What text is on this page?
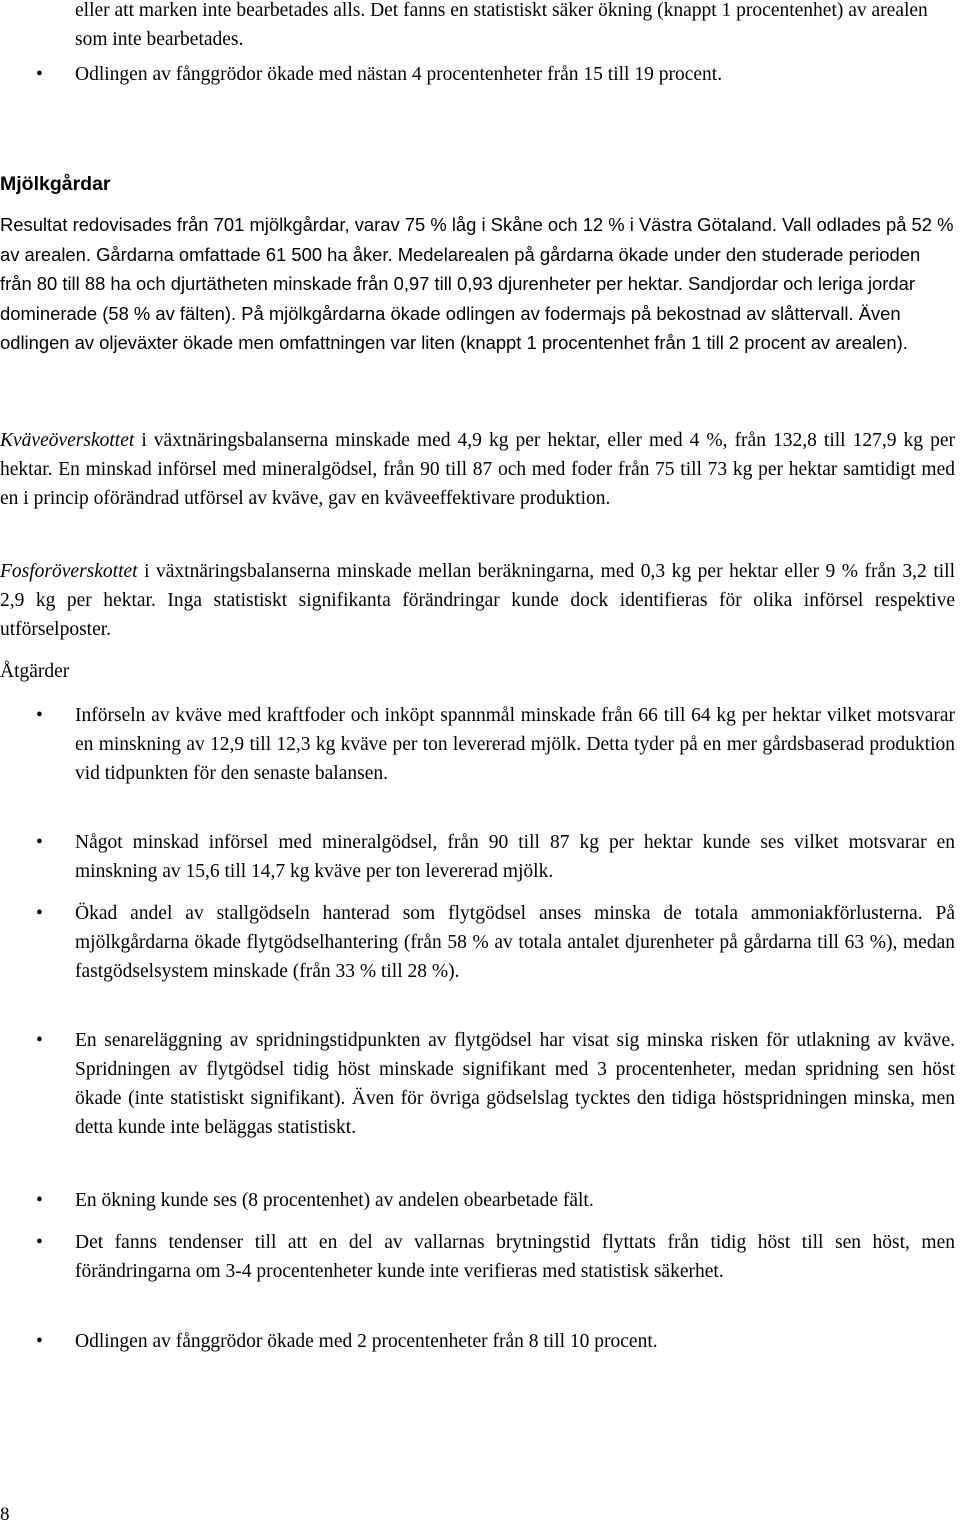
eller att marken inte bearbetades alls. Det fanns en statistiskt säker ökning (knappt 1 procentenhet) av arealen som inte bearbetades.
• Odlingen av fånggrödor ökade med nästan 4 procentenheter från 15 till 19 procent.
Mjölkgårdar
Resultat redovisades från 701 mjölkgårdar, varav 75 % låg i Skåne och 12 % i Västra Götaland. Vall odlades på 52 % av arealen. Gårdarna omfattade 61 500 ha åker. Medelarealen på gårdarna ökade under den studerade perioden från 80 till 88 ha och djurtätheten minskade från 0,97 till 0,93 djurenheter per hektar. Sandjordar och leriga jordar dominerade (58 % av fälten). På mjölkgårdarna ökade odlingen av fodermajs på bekostnad av slåttervall. Även odlingen av oljeväxter ökade men omfattningen var liten (knappt 1 procentenhet från 1 till 2 procent av arealen).
Kväveöverskottet i växtnäringsbalanserna minskade med 4,9 kg per hektar, eller med 4 %, från 132,8 till 127,9 kg per hektar. En minskad införsel med mineralgödsel, från 90 till 87 och med foder från 75 till 73 kg per hektar samtidigt med en i princip oförändrad utförsel av kväve, gav en kväveeffektivare produktion.
Fosforöverskottet i växtnäringsbalanserna minskade mellan beräkningarna, med 0,3 kg per hektar eller 9 % från 3,2 till 2,9 kg per hektar. Inga statistiskt signifikanta förändringar kunde dock identifieras för olika införsel respektive utförselposter.
Åtgärder
• Införseln av kväve med kraftfoder och inköpt spannmål minskade från 66 till 64 kg per hektar vilket motsvarar en minskning av 12,9 till 12,3 kg kväve per ton levererad mjölk. Detta tyder på en mer gårdsbaserad produktion vid tidpunkten för den senaste balansen.
• Något minskad införsel med mineralgödsel, från 90 till 87 kg per hektar kunde ses vilket motsvarar en minskning av 15,6 till 14,7 kg kväve per ton levererad mjölk.
• Ökad andel av stallgödseln hanterad som flytgödsel anses minska de totala ammoniakförlusterna. På mjölkgårdarna ökade flytgödselhantering (från 58 % av totala antalet djurenheter på gårdarna till 63 %), medan fastgödselsystem minskade (från 33 % till 28 %).
• En senareläggning av spridningstidpunkten av flytgödsel har visat sig minska risken för utlakning av kväve. Spridningen av flytgödsel tidig höst minskade signifikant med 3 procentenheter, medan spridning sen höst ökade (inte statistiskt signifikant). Även för övriga gödselslag tycktes den tidiga höstspridningen minska, men detta kunde inte beläggas statistiskt.
• En ökning kunde ses (8 procentenhet) av andelen obearbetade fält.
• Det fanns tendenser till att en del av vallarnas brytningstid flyttats från tidig höst till sen höst, men förändringarna om 3-4 procentenheter kunde inte verifieras med statistisk säkerhet.
• Odlingen av fånggrödor ökade med 2 procentenheter från 8 till 10 procent.
8
